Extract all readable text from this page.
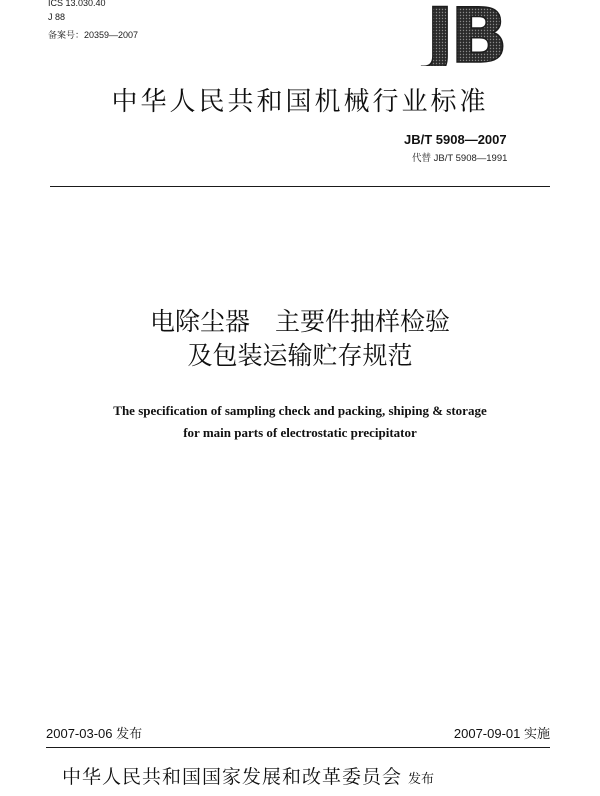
ICS 13.030.40
J 88
备案号：20359—2007	JB
中华人民共和国机械行业标准
JB/T 5908—2007
代替 JB/T 5908—1991
电除尘器　主要件抽样检验
及包装运输贮存规范
The specification of sampling check and packing, shiping & storage
for main parts of electrostatic precipitator
2007-03-06 发布	2007-09-01 实施
中华人民共和国国家发展和改革委员会 发布
